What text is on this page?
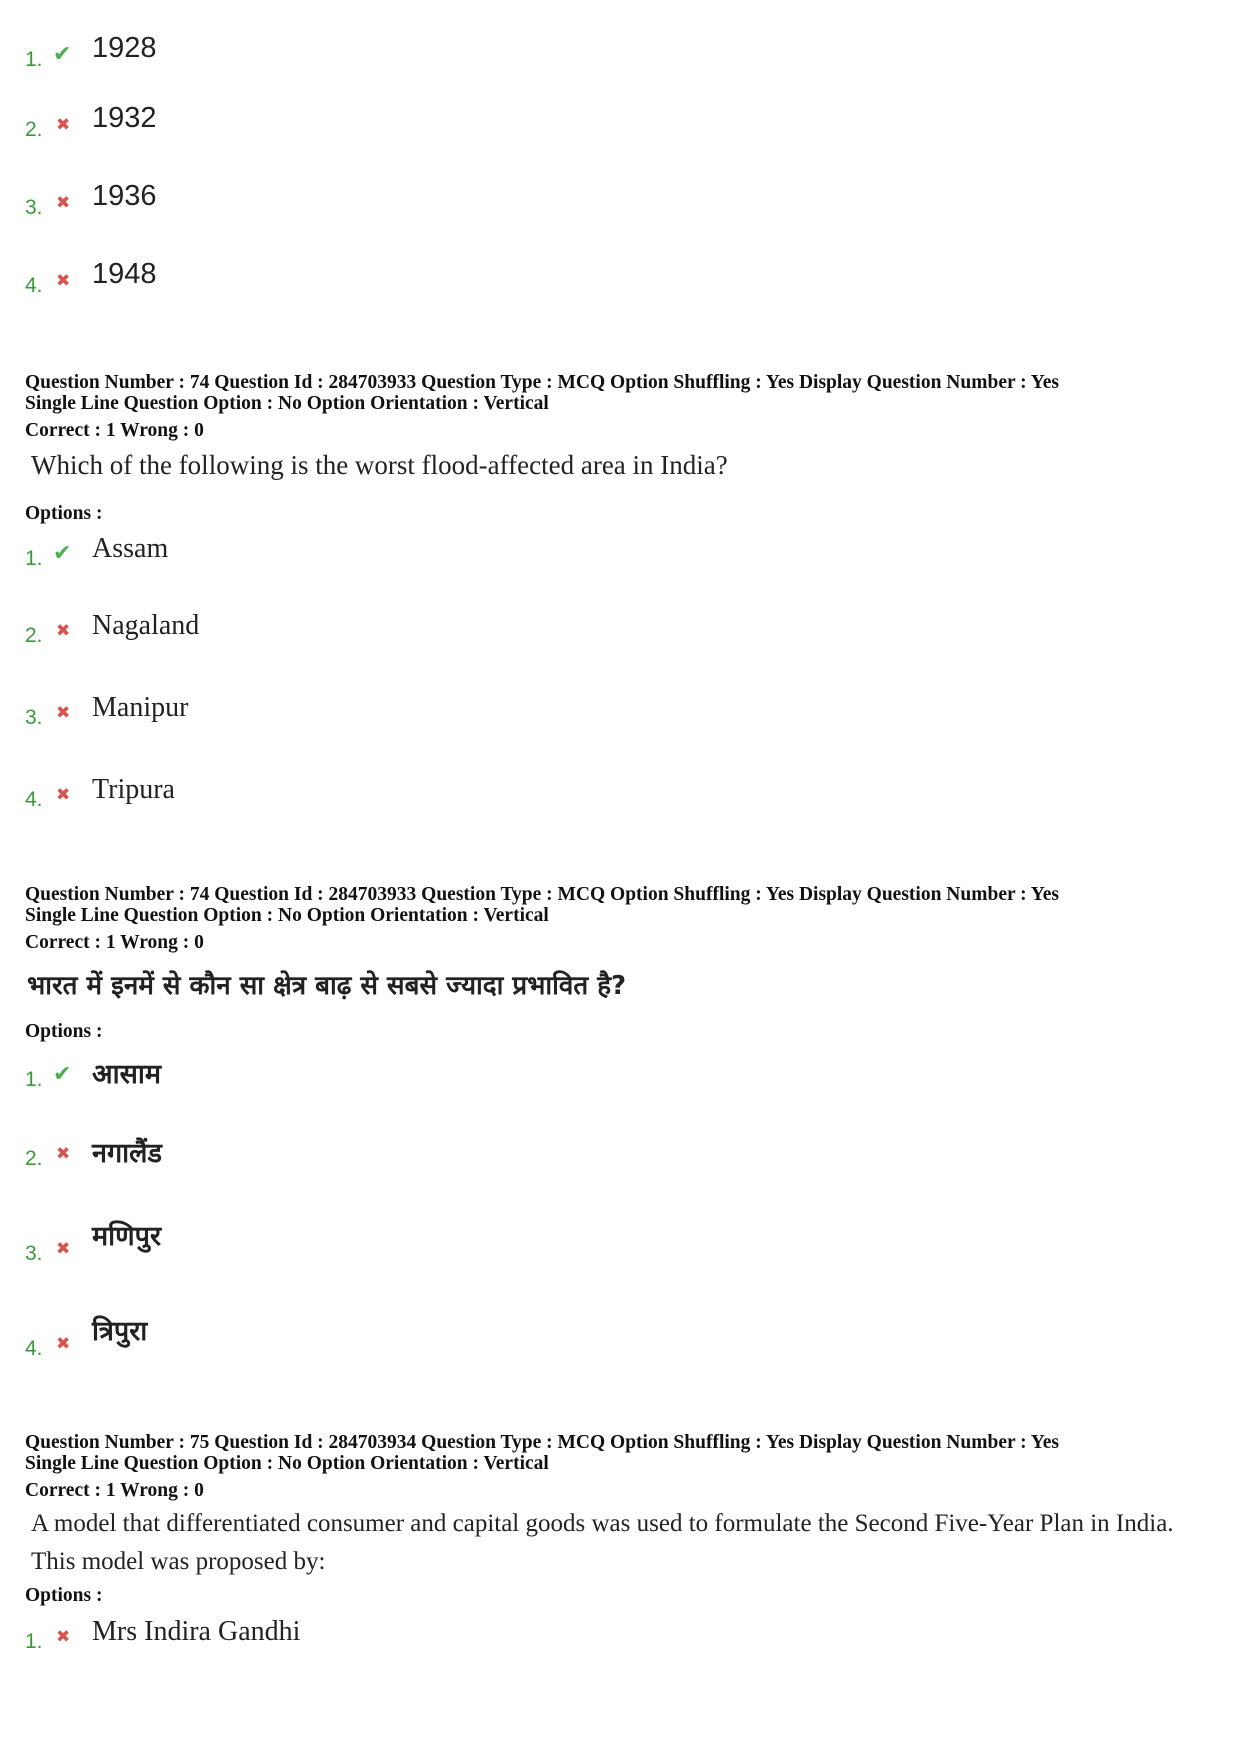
1. ✔ 1928
2. ✖ 1932
3. ✖ 1936
4. ✖ 1948
Question Number : 74 Question Id : 284703933 Question Type : MCQ Option Shuffling : Yes Display Question Number : Yes
Single Line Question Option : No Option Orientation : Vertical
Correct : 1 Wrong : 0
Which of the following is the worst flood-affected area in India?
Options :
1. ✔ Assam
2. ✖ Nagaland
3. ✖ Manipur
4. ✖ Tripura
Question Number : 74 Question Id : 284703933 Question Type : MCQ Option Shuffling : Yes Display Question Number : Yes
Single Line Question Option : No Option Orientation : Vertical
Correct : 1 Wrong : 0
भारत में इनमें से कौन सा क्षेत्र बाढ़ से सबसे ज्यादा प्रभावित है?
Options :
1. ✔ आसाम
2. ✖ नगालैंड
3. ✖ मणिपुर
4. ✖ त्रिपुरा
Question Number : 75 Question Id : 284703934 Question Type : MCQ Option Shuffling : Yes Display Question Number : Yes
Single Line Question Option : No Option Orientation : Vertical
Correct : 1 Wrong : 0
A model that differentiated consumer and capital goods was used to formulate the Second Five-Year Plan in India. This model was proposed by:
Options :
1. ✖ Mrs Indira Gandhi
